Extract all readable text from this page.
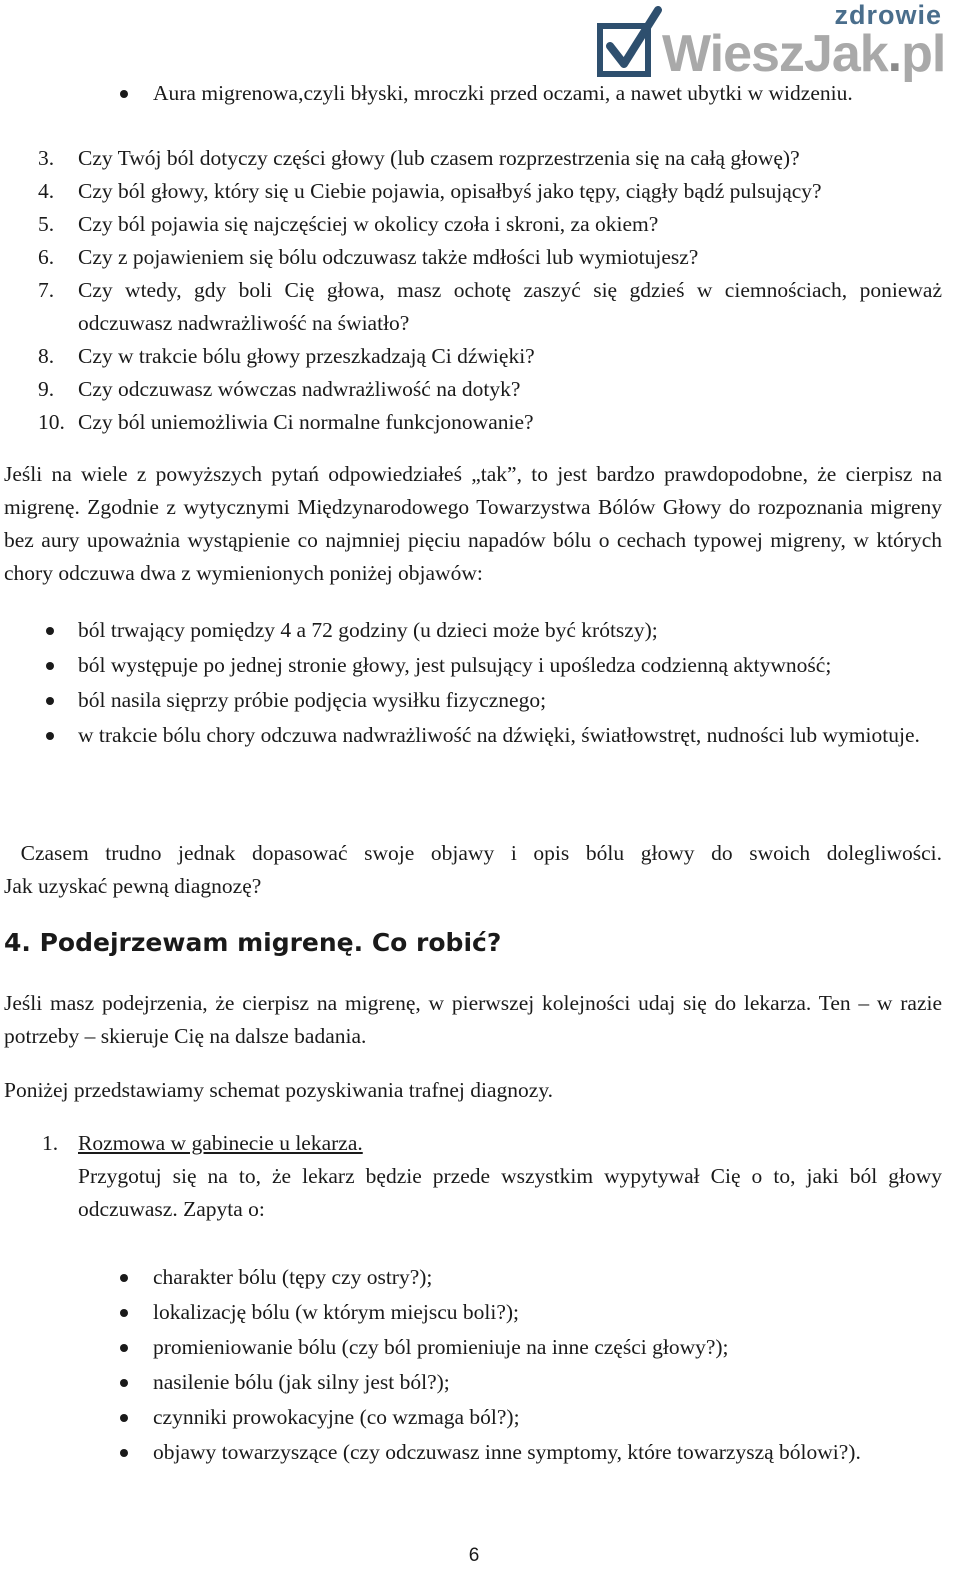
zdrowie
WieszJak.pl
Aura migrenowa,czyli błyski, mroczki przed oczami, a nawet ubytki w widzeniu.
3. Czy Twój ból dotyczy części głowy (lub czasem rozprzestrzenia się na całą głowę)?
4. Czy ból głowy, który się u Ciebie pojawia, opisałbyś jako tępy, ciągły bądź pulsujący?
5. Czy ból pojawia się najczęściej w okolicy czoła i skroni, za okiem?
6. Czy z pojawieniem się bólu odczuwasz także mdłości lub wymiotujesz?
7. Czy wtedy, gdy boli Cię głowa, masz ochotę zaszyć się gdzieś w ciemnościach, ponieważ odczuwasz nadwrażliwość na światło?
8. Czy w trakcie bólu głowy przeszkadzają Ci dźwięki?
9. Czy odczuwasz wówczas nadwrażliwość na dotyk?
10. Czy ból uniemożliwia Ci normalne funkcjonowanie?

Jeśli na wiele z powyższych pytań odpowiedziałeś „tak”, to jest bardzo prawdopodobne, że cierpisz na migrenę. Zgodnie z wytycznymi Międzynarodowego Towarzystwa Bólów Głowy do rozpoznania migreny bez aury upoważnia wystąpienie co najmniej pięciu napadów bólu o cechach typowej migreny, w których chory odczuwa dwa z wymienionych poniżej objawów:

ból trwający pomiędzy 4 a 72 godziny (u dzieci może być krótszy);
ból występuje po jednej stronie głowy, jest pulsujący i upośledza codzienną aktywność;
ból nasila sięprzy próbie podjęcia wysiłku fizycznego;
w trakcie bólu chory odczuwa nadwrażliwość na dźwięki, światłowstręt, nudności lub wymiotuje.
Czasem trudno jednak dopasować swoje objawy i opis bólu głowy do swoich dolegliwości.
Jak uzyskać pewną diagnozę?
4. Podejrzewam migrenę. Co robić?

Jeśli masz podejrzenia, że cierpisz na migrenę, w pierwszej kolejności udaj się do lekarza. Ten – w razie potrzeby – skieruje Cię na dalsze badania.

Poniżej przedstawiamy schemat pozyskiwania trafnej diagnozy.

1. Rozmowa w gabinecie u lekarza.
Przygotuj się na to, że lekarz będzie przede wszystkim wypytywał Cię o to, jaki ból głowy odczuwasz. Zapyta o:
charakter bólu (tępy czy ostry?);
lokalizację bólu (w którym miejscu boli?);
promieniowanie bólu (czy ból promieniuje na inne części głowy?);
nasilenie bólu (jak silny jest ból?);
czynniki prowokacyjne (co wzmaga ból?);
objawy towarzyszące (czy odczuwasz inne symptomy, które towarzyszą bólowi?).
6
